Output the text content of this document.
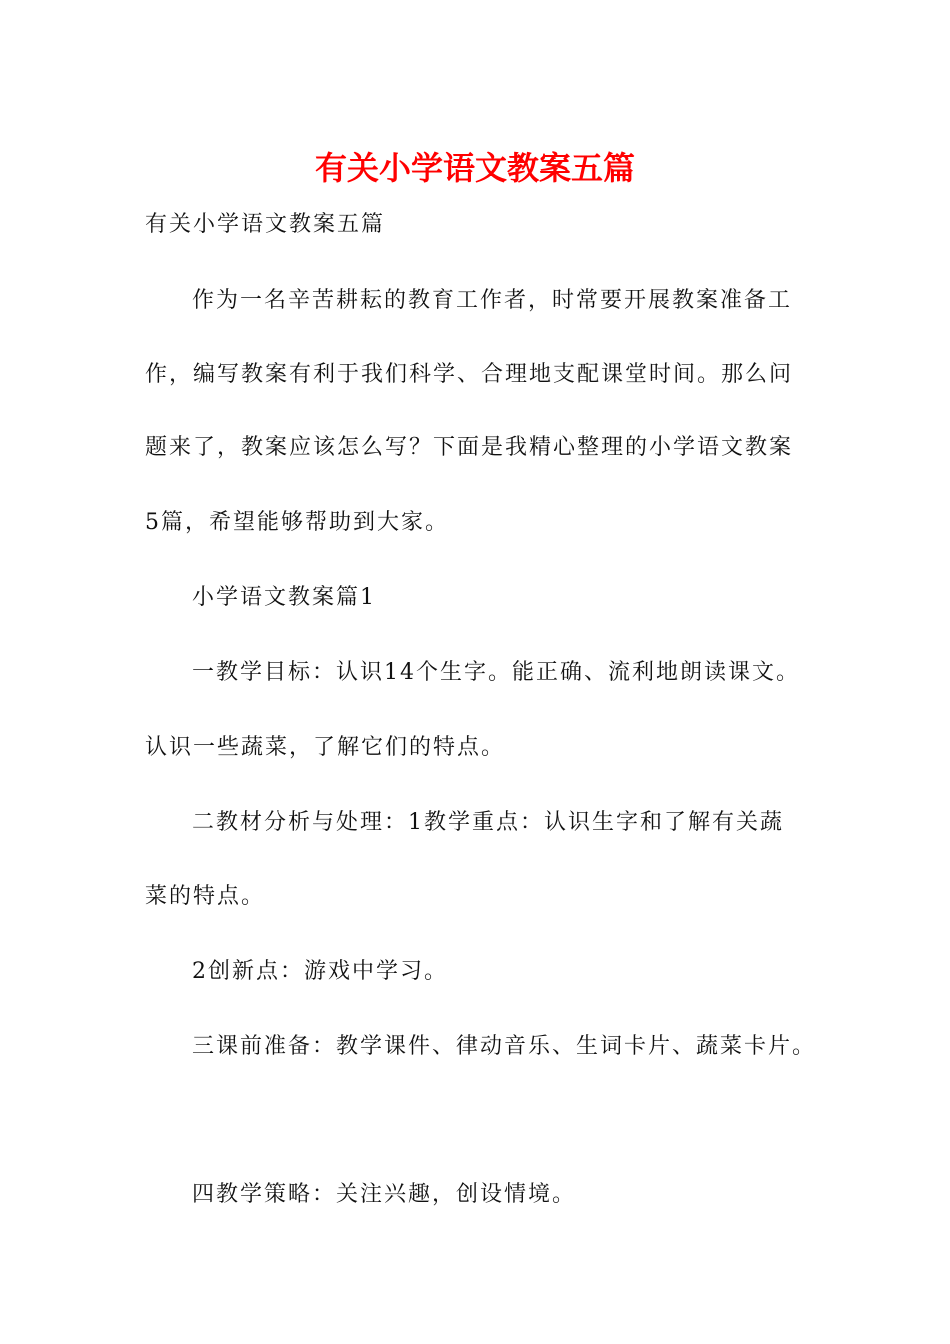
有关小学语文教案五篇
有关小学语文教案五篇
作为一名辛苦耕耘的教育工作者，时常要开展教案准备工
作，编写教案有利于我们科学、合理地支配课堂时间。那么问
题来了，教案应该怎么写？下面是我精心整理的小学语文教案
5篇，希望能够帮助到大家。
小学语文教案篇1
一教学目标：认识14个生字。能正确、流利地朗读课文。
认识一些蔬菜，了解它们的特点。
二教材分析与处理：1教学重点：认识生字和了解有关蔬
菜的特点。
2创新点：游戏中学习。
三课前准备：教学课件、律动音乐、生词卡片、蔬菜卡片。
四教学策略：关注兴趣，创设情境。
